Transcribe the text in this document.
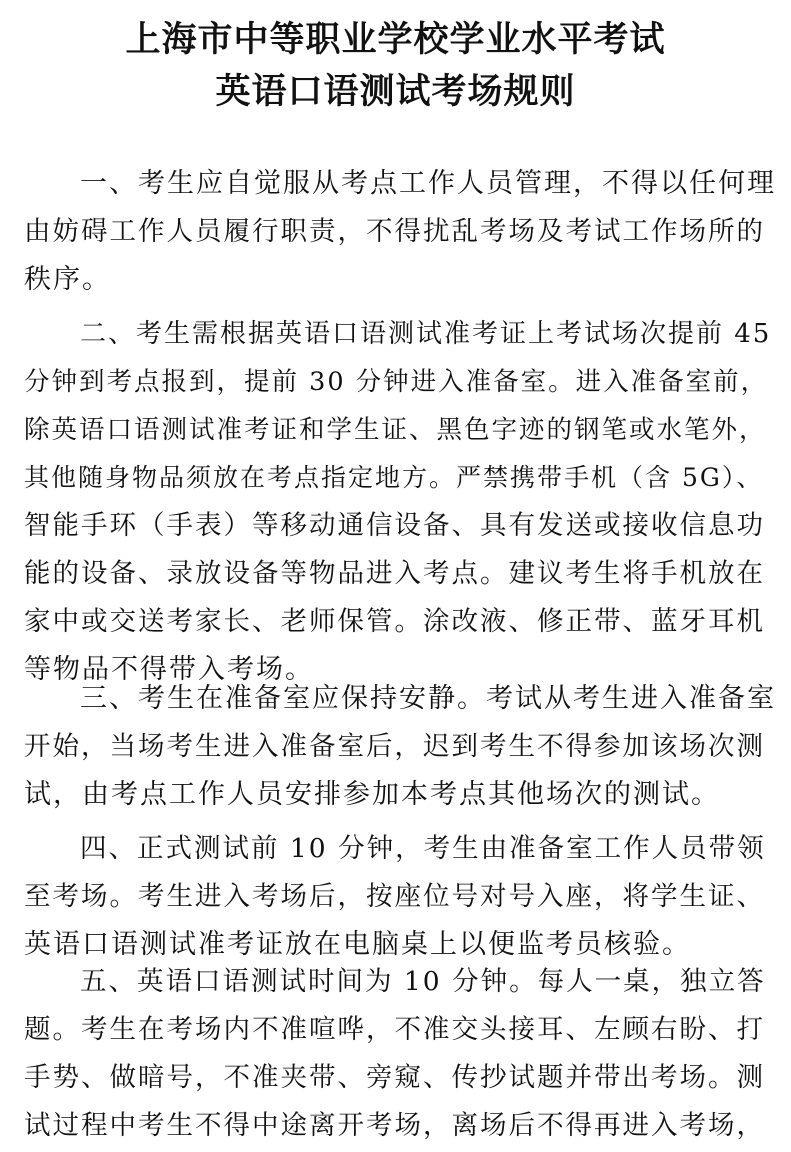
上海市中等职业学校学业水平考试
英语口语测试考场规则
一、考生应自觉服从考点工作人员管理，不得以任何理
由妨碍工作人员履行职责，不得扰乱考场及考试工作场所的
秩序。
二、考生需根据英语口语测试准考证上考试场次提前 45
分钟到考点报到，提前 30 分钟进入准备室。进入准备室前，
除英语口语测试准考证和学生证、黑色字迹的钢笔或水笔外，
其他随身物品须放在考点指定地方。严禁携带手机（含 5G）、
智能手环（手表）等移动通信设备、具有发送或接收信息功
能的设备、录放设备等物品进入考点。建议考生将手机放在
家中或交送考家长、老师保管。涂改液、修正带、蓝牙耳机
等物品不得带入考场。
三、考生在准备室应保持安静。考试从考生进入准备室
开始，当场考生进入准备室后，迟到考生不得参加该场次测
试，由考点工作人员安排参加本考点其他场次的测试。
四、正式测试前 10 分钟，考生由准备室工作人员带领
至考场。考生进入考场后，按座位号对号入座，将学生证、
英语口语测试准考证放在电脑桌上以便监考员核验。
五、英语口语测试时间为 10 分钟。每人一桌，独立答
题。考生在考场内不准喧哗，不准交头接耳、左顾右盼、打
手势、做暗号，不准夹带、旁窥、传抄试题并带出考场。测
试过程中考生不得中途离开考场，离场后不得再进入考场，
